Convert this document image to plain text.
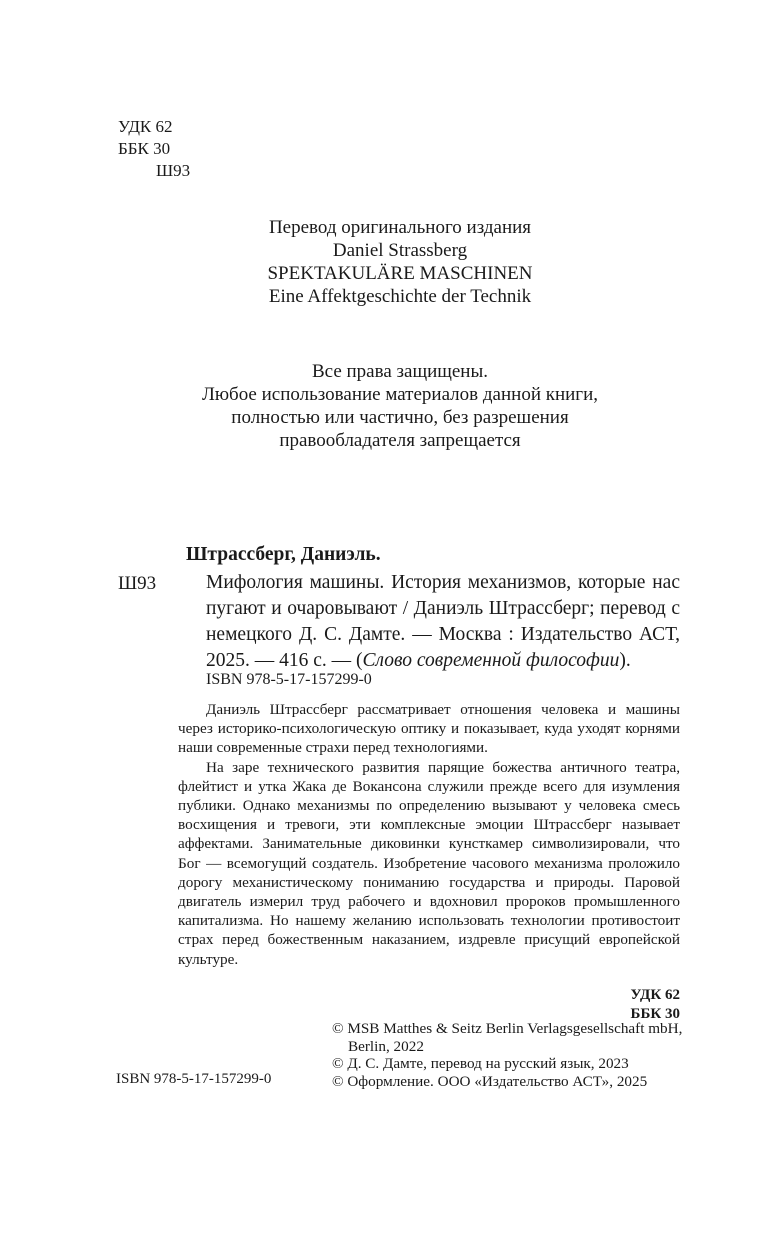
УДК 62
ББК 30
Ш93
Перевод оригинального издания
Daniel Strassberg
SPEKTAKULÄRE MASCHINEN
Eine Affektgeschichte der Technik
Все права защищены.
Любое использование материалов данной книги,
полностью или частично, без разрешения
правообладателя запрещается
Штрассберг, Даниэль.
Ш93	Мифология машины. История механизмов, которые нас пугают и очаровывают / Даниэль Штрассберг; перевод с немецкого Д. С. Дамте. — Москва : Издательство АСТ, 2025. — 416 с. — (Слово современной философии).
ISBN 978-5-17-157299-0

Даниэль Штрассберг рассматривает отношения человека и машины через историко-психологическую оптику и показывает, куда уходят корнями наши современные страхи перед технологиями.

На заре технического развития парящие божества античного театра, флейтист и утка Жака де Вокансона служили прежде всего для изумления публики. Однако механизмы по определению вызывают у человека смесь восхищения и тревоги, эти комплексные эмоции Штрассберг называет аффектами. Занимательные диковинки кунсткамер символизировали, что Бог — всемогущий создатель. Изобретение часового механизма проложило дорогу механистическому пониманию государства и природы. Паровой двигатель измерил труд рабочего и вдохновил пророков промышленного капитализма. Но нашему желанию использовать технологии противостоит страх перед божественным наказанием, издревле присущий европейской культуре.

УДК 62
ББК 30
© MSB Matthes & Seitz Berlin Verlagsgesellschaft mbH,
Berlin, 2022
© Д. С. Дамте, перевод на русский язык, 2023
© Оформление. ООО «Издательство АСТ», 2025
ISBN 978-5-17-157299-0
